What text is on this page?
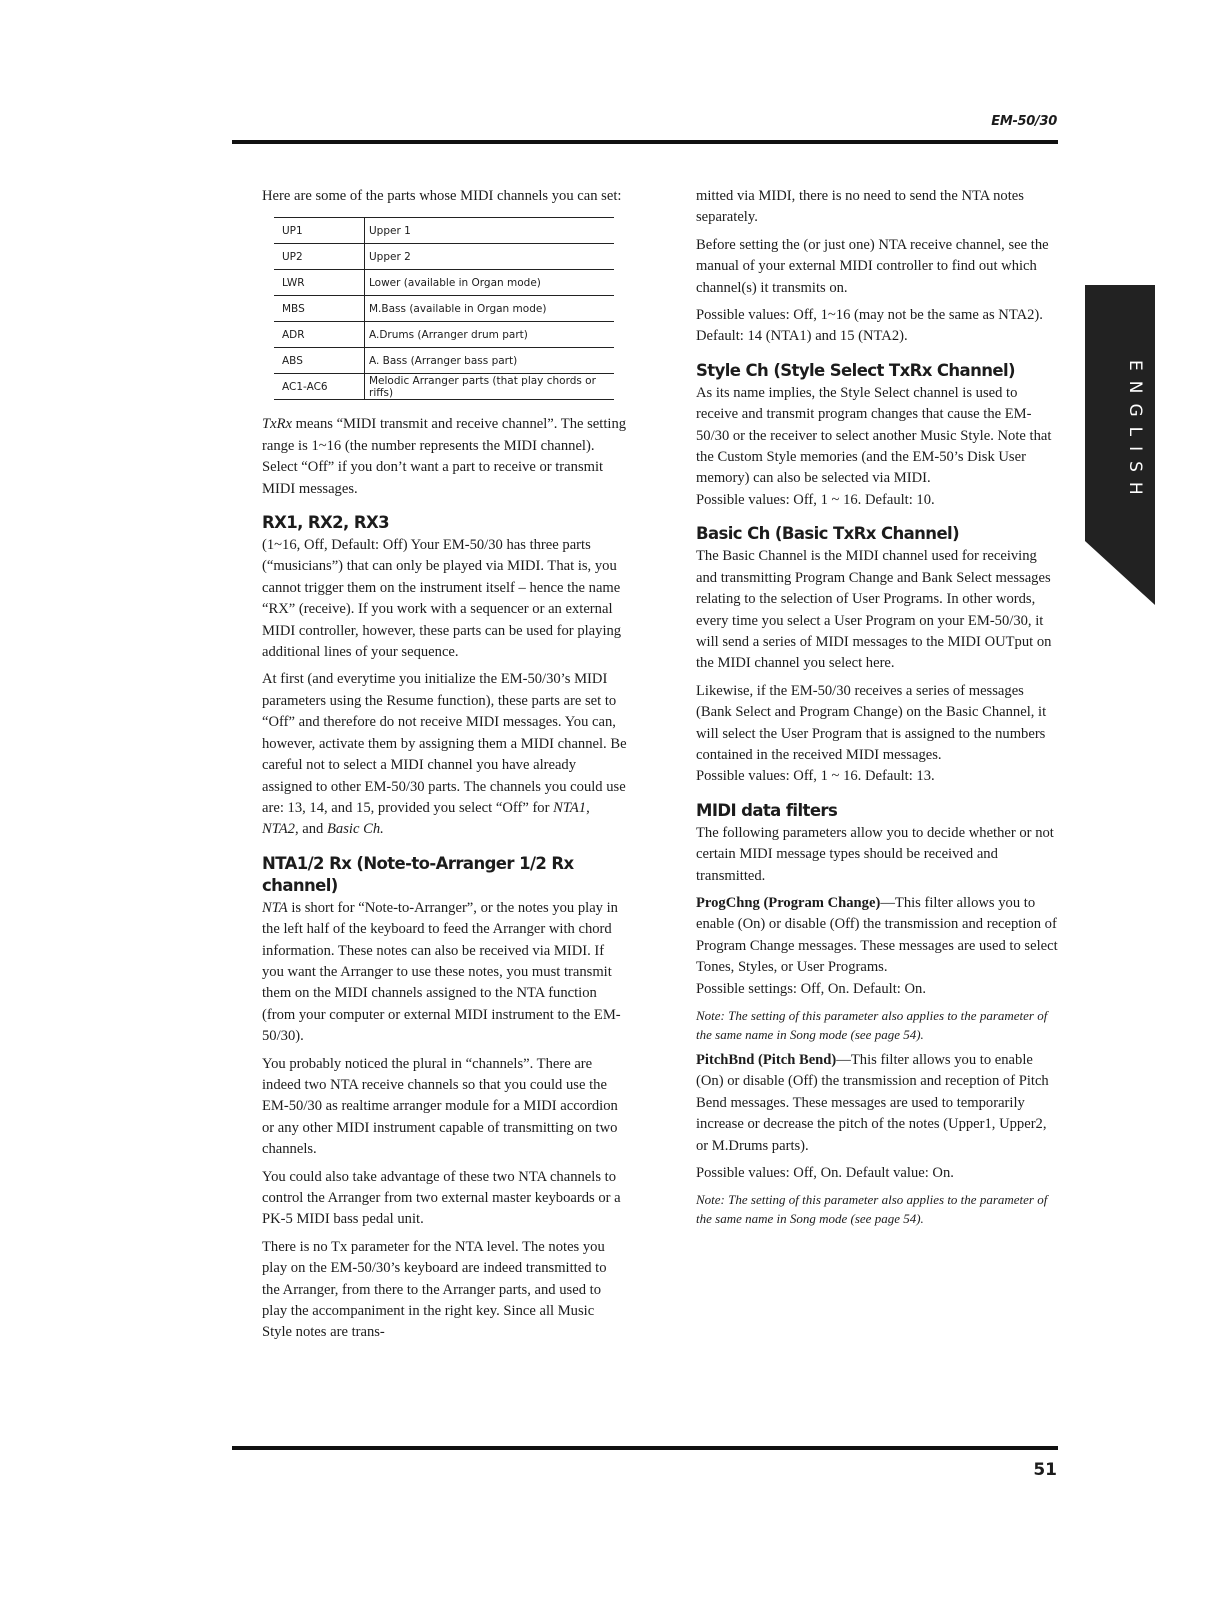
EM-50/30
ENGLISH

Here are some of the parts whose MIDI channels you can set:

UP1	Upper 1
UP2	Upper 2
LWR	Lower (available in Organ mode)
MBS	M.Bass (available in Organ mode)
ADR	A.Drums (Arranger drum part)
ABS	A. Bass (Arranger bass part)
AC1-AC6	Melodic Arranger parts (that play chords or riffs)

TxRx means “MIDI transmit and receive channel”. The setting range is 1~16 (the number represents the MIDI channel). Select “Off” if you don’t want a part to receive or transmit MIDI messages.

RX1, RX2, RX3

(1~16, Off, Default: Off) Your EM-50/30 has three parts (“musicians”) that can only be played via MIDI. That is, you cannot trigger them on the instrument itself – hence the name “RX” (receive). If you work with a sequencer or an external MIDI controller, however, these parts can be used for playing additional lines of your sequence.

At first (and everytime you initialize the EM-50/30’s MIDI parameters using the Resume function), these parts are set to “Off” and therefore do not receive MIDI messages. You can, however, activate them by assigning them a MIDI channel. Be careful not to select a MIDI channel you have already assigned to other EM-50/30 parts. The channels you could use are: 13, 14, and 15, provided you select “Off” for NTA1, NTA2, and Basic Ch.

NTA1/2 Rx (Note-to-Arranger 1/2 Rx channel)

NTA is short for “Note-to-Arranger”, or the notes you play in the left half of the keyboard to feed the Arranger with chord information. These notes can also be received via MIDI. If you want the Arranger to use these notes, you must transmit them on the MIDI channels assigned to the NTA function (from your computer or external MIDI instrument to the EM-50/30).

You probably noticed the plural in “channels”. There are indeed two NTA receive channels so that you could use the EM-50/30 as realtime arranger module for a MIDI accordion or any other MIDI instrument capable of transmitting on two channels.

You could also take advantage of these two NTA channels to control the Arranger from two external master keyboards or a PK-5 MIDI bass pedal unit.

There is no Tx parameter for the NTA level. The notes you play on the EM-50/30’s keyboard are indeed transmitted to the Arranger, from there to the Arranger parts, and used to play the accompaniment in the right key. Since all Music Style notes are trans-

mitted via MIDI, there is no need to send the NTA notes separately.

Before setting the (or just one) NTA receive channel, see the manual of your external MIDI controller to find out which channel(s) it transmits on.

Possible values: Off, 1~16 (may not be the same as NTA2). Default: 14 (NTA1) and 15 (NTA2).

Style Ch (Style Select TxRx Channel)

As its name implies, the Style Select channel is used to receive and transmit program changes that cause the EM-50/30 or the receiver to select another Music Style. Note that the Custom Style memories (and the EM-50’s Disk User memory) can also be selected via MIDI.

Possible values: Off, 1 ~ 16. Default: 10.

Basic Ch (Basic TxRx Channel)

The Basic Channel is the MIDI channel used for receiving and transmitting Program Change and Bank Select messages relating to the selection of User Programs. In other words, every time you select a User Program on your EM-50/30, it will send a series of MIDI messages to the MIDI OUTput on the MIDI channel you select here.

Likewise, if the EM-50/30 receives a series of messages (Bank Select and Program Change) on the Basic Channel, it will select the User Program that is assigned to the numbers contained in the received MIDI messages.

Possible values: Off, 1 ~ 16. Default: 13.

MIDI data filters

The following parameters allow you to decide whether or not certain MIDI message types should be received and transmitted.

ProgChng (Program Change)—This filter allows you to enable (On) or disable (Off) the transmission and reception of Program Change messages. These messages are used to select Tones, Styles, or User Programs.

Possible settings: Off, On. Default: On.

Note: The setting of this parameter also applies to the parameter of the same name in Song mode (see page 54).

PitchBnd (Pitch Bend)—This filter allows you to enable (On) or disable (Off) the transmission and reception of Pitch Bend messages. These messages are used to temporarily increase or decrease the pitch of the notes (Upper1, Upper2, or M.Drums parts).

Possible values: Off, On. Default value: On.

Note: The setting of this parameter also applies to the parameter of the same name in Song mode (see page 54).

51
